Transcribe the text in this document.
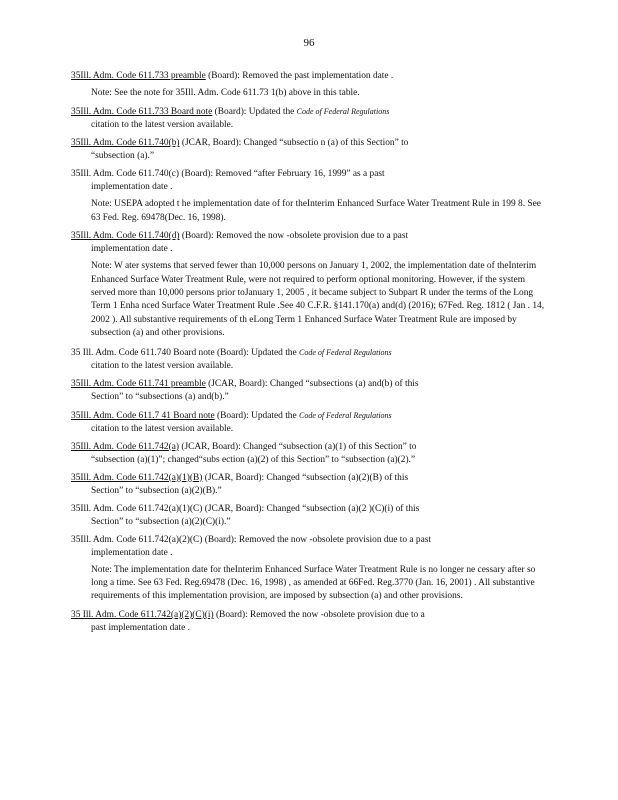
96
35Ill. Adm. Code 611.733 preamble (Board): Removed the past implementation date .
Note: See the note for 35Ill. Adm. Code 611.73 1(b) above in this table.
35Ill. Adm. Code 611.733 Board note (Board): Updated the Code of Federal Regulations
citation to the latest version available.
35Ill. Adm. Code 611.740(b) (JCAR, Board): Changed “subsectio n (a) of this Section” to
“subsection (a).”
35Ill. Adm. Code 611.740(c) (Board): Removed “after February 16, 1999” as a past
implementation date .
Note: USEPA adopted t he implementation date of for theInterim Enhanced Surface Water Treatment Rule in 199 8. See 63 Fed. Reg. 69478(Dec. 16, 1998).
35Ill. Adm. Code 611.740(d) (Board): Removed the now -obsolete provision due to a past
implementation date .
Note: W ater systems that served fewer than 10,000 persons on January 1, 2002, the implementation date of theInterim Enhanced Surface Water Treatment Rule, were not required to perform optional monitoring. However, if the system served more than 10,000 persons prior toJanuary 1, 2005 , it became subject to Subpart R under the terms of the Long Term 1 Enha nced Surface Water Treatment Rule .See 40 C.F.R. §141.170(a) and(d) (2016); 67Fed. Reg. 1812 ( Jan . 14, 2002 ). All substantive requirements of th eLong Term 1 Enhanced Surface Water Treatment Rule are imposed by subsection (a) and other provisions.
35 Ill. Adm. Code 611.740 Board note (Board): Updated the Code of Federal Regulations
citation to the latest version available.
35Ill. Adm. Code 611.741 preamble (JCAR, Board): Changed “subsections (a) and(b) of this
Section” to “subsections (a) and(b).”
35Ill. Adm. Code 611.7 41 Board note (Board): Updated the Code of Federal Regulations
citation to the latest version available.
35Ill. Adm. Code 611.742(a) (JCAR, Board): Changed “subsection (a)(1) of this Section” to
“subsection (a)(1)”; changed“subs ection (a)(2) of this Section” to “subsection (a)(2).”
35Ill. Adm. Code 611.742(a)(1)(B) (JCAR, Board): Changed “subsection (a)(2)(B) of this
Section” to “subsection (a)(2)(B).”
35Ill. Adm. Code 611.742(a)(1)(C) (JCAR, Board): Changed “subsection (a)(2 )(C)(i) of this
Section” to “subsection (a)(2)(C)(i).”
35Ill. Adm. Code 611.742(a)(2)(C) (Board): Removed the now -obsolete provision due to a past
implementation date .
Note: The implementation date for theInterim Enhanced Surface Water Treatment Rule is no longer ne cessary after so long a time. See 63 Fed. Reg.69478 (Dec. 16, 1998) , as amended at 66Fed. Reg.3770 (Jan. 16, 2001) . All substantive requirements of this implementation provision, are imposed by subsection (a) and other provisions.
35 Ill. Adm. Code 611.742(a)(2)(C)(i) (Board): Removed the now -obsolete provision due to a
past implementation date .
